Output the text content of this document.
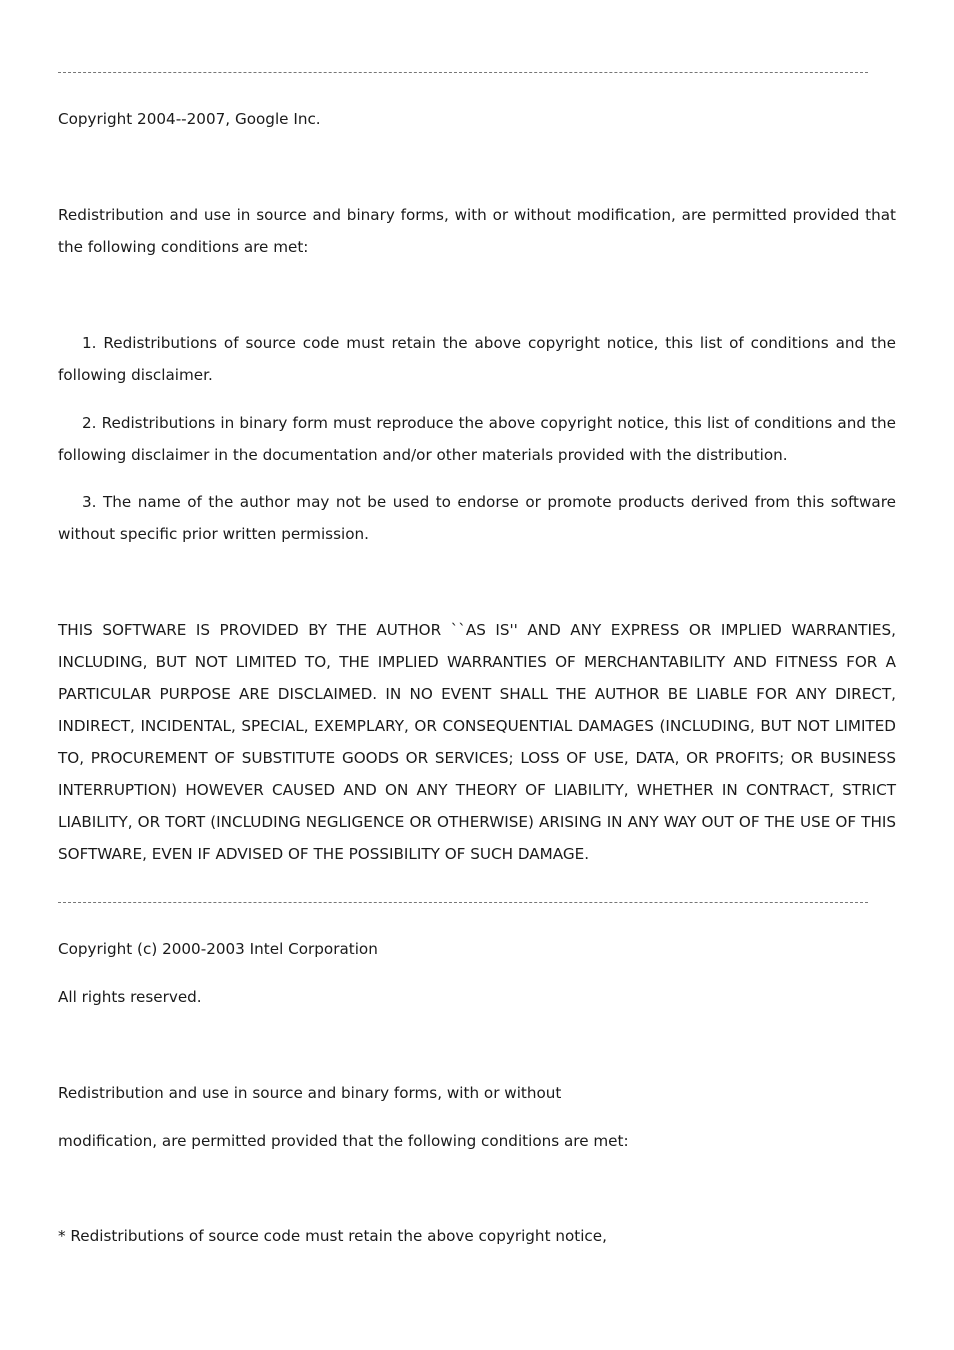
Copyright 2004--2007, Google Inc.
Redistribution and use in source and binary forms, with or without modification, are permitted provided that the following conditions are met:
1. Redistributions of source code must retain the above copyright notice, this list of conditions and the following disclaimer.
2. Redistributions in binary form must reproduce the above copyright notice, this list of conditions and the following disclaimer in the documentation and/or other materials provided with the distribution.
3. The name of the author may not be used to endorse or promote products derived from this software without specific prior written permission.
THIS SOFTWARE IS PROVIDED BY THE AUTHOR ``AS IS'' AND ANY EXPRESS OR IMPLIED WARRANTIES, INCLUDING, BUT NOT LIMITED TO, THE IMPLIED WARRANTIES OF MERCHANTABILITY AND FITNESS FOR A PARTICULAR PURPOSE ARE DISCLAIMED. IN NO EVENT SHALL THE AUTHOR BE LIABLE FOR ANY DIRECT, INDIRECT, INCIDENTAL, SPECIAL, EXEMPLARY, OR CONSEQUENTIAL DAMAGES (INCLUDING, BUT NOT LIMITED TO, PROCUREMENT OF SUBSTITUTE GOODS OR SERVICES; LOSS OF USE, DATA, OR PROFITS; OR BUSINESS INTERRUPTION) HOWEVER CAUSED AND ON ANY THEORY OF LIABILITY, WHETHER IN CONTRACT, STRICT LIABILITY, OR TORT (INCLUDING NEGLIGENCE OR OTHERWISE) ARISING IN ANY WAY OUT OF THE USE OF THIS SOFTWARE, EVEN IF ADVISED OF THE POSSIBILITY OF SUCH DAMAGE.
Copyright (c) 2000-2003 Intel Corporation
All rights reserved.
Redistribution and use in source and binary forms, with or without
modification, are permitted provided that the following conditions are met:
* Redistributions of source code must retain the above copyright notice,
